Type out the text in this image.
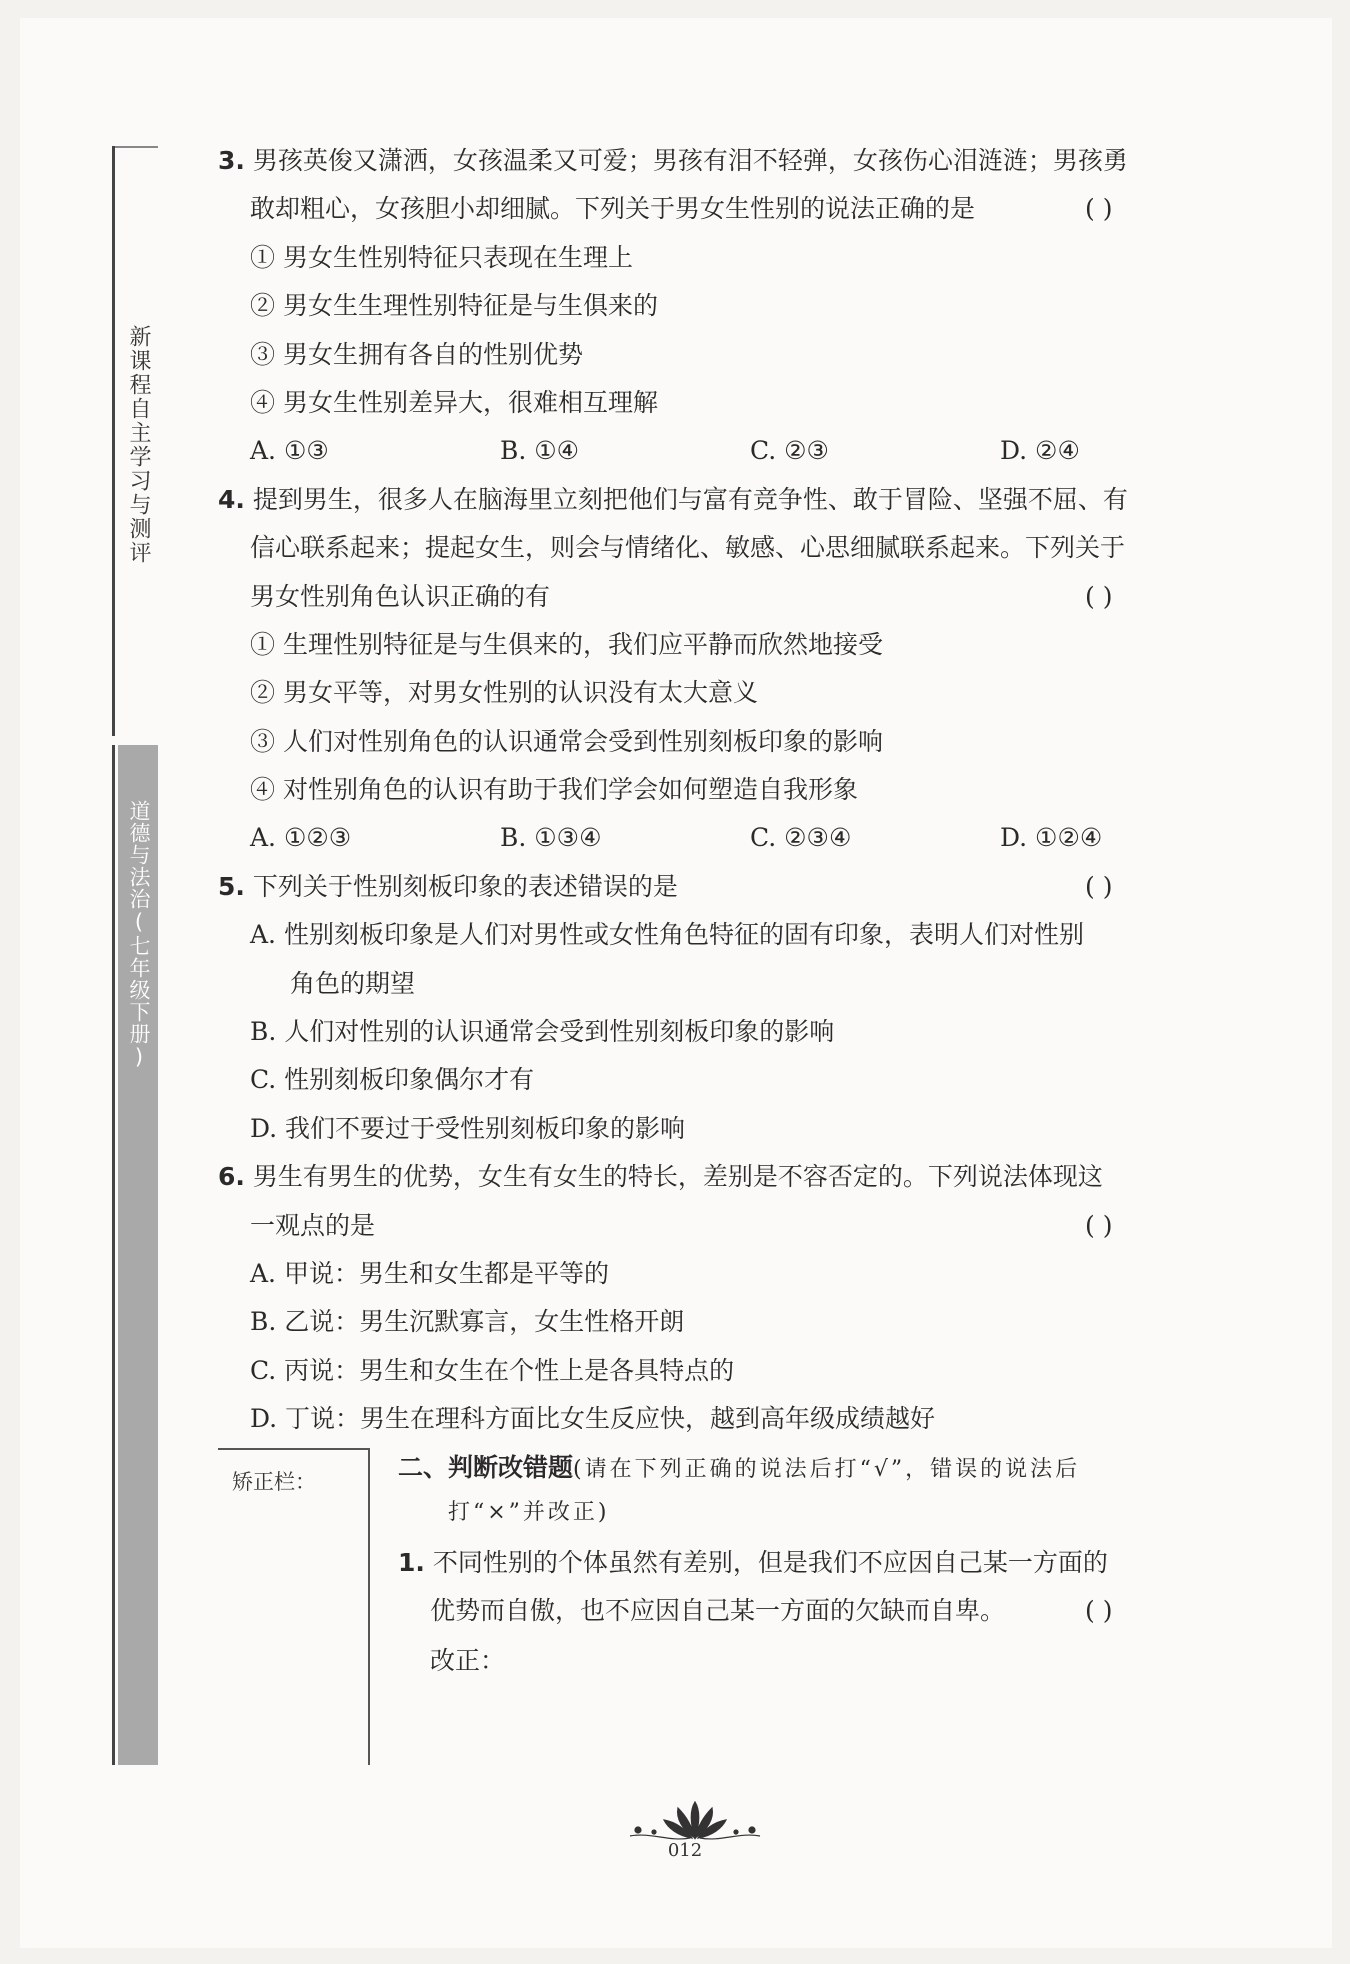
新课程自主学习与测评
道德与法治(七年级下册)
3. 男孩英俊又潇洒，女孩温柔又可爱；男孩有泪不轻弹，女孩伤心泪涟涟；男孩勇
敢却粗心，女孩胆小却细腻。下列关于男女生性别的说法正确的是	( )
① 男女生性别特征只表现在生理上
② 男女生生理性别特征是与生俱来的
③ 男女生拥有各自的性别优势
④ 男女生性别差异大，很难相互理解
A. ①③	B. ①④	C. ②③	D. ②④
4. 提到男生，很多人在脑海里立刻把他们与富有竞争性、敢于冒险、坚强不屈、有
信心联系起来；提起女生，则会与情绪化、敏感、心思细腻联系起来。下列关于
男女性别角色认识正确的有	( )
① 生理性别特征是与生俱来的，我们应平静而欣然地接受
② 男女平等，对男女性别的认识没有太大意义
③ 人们对性别角色的认识通常会受到性别刻板印象的影响
④ 对性别角色的认识有助于我们学会如何塑造自我形象
A. ①②③	B. ①③④	C. ②③④	D. ①②④
5. 下列关于性别刻板印象的表述错误的是	( )
A. 性别刻板印象是人们对男性或女性角色特征的固有印象，表明人们对性别
角色的期望
B. 人们对性别的认识通常会受到性别刻板印象的影响
C. 性别刻板印象偶尔才有
D. 我们不要过于受性别刻板印象的影响
6. 男生有男生的优势，女生有女生的特长，差别是不容否定的。下列说法体现这
一观点的是	( )
A. 甲说：男生和女生都是平等的
B. 乙说：男生沉默寡言，女生性格开朗
C. 丙说：男生和女生在个性上是各具特点的
D. 丁说：男生在理科方面比女生反应快，越到高年级成绩越好
矫正栏：	二、判断改错题(请在下列正确的说法后打“√”，错误的说法后
打“×”并改正)
1. 不同性别的个体虽然有差别，但是我们不应因自己某一方面的
优势而自傲，也不应因自己某一方面的欠缺而自卑。	( )
改正：
012
